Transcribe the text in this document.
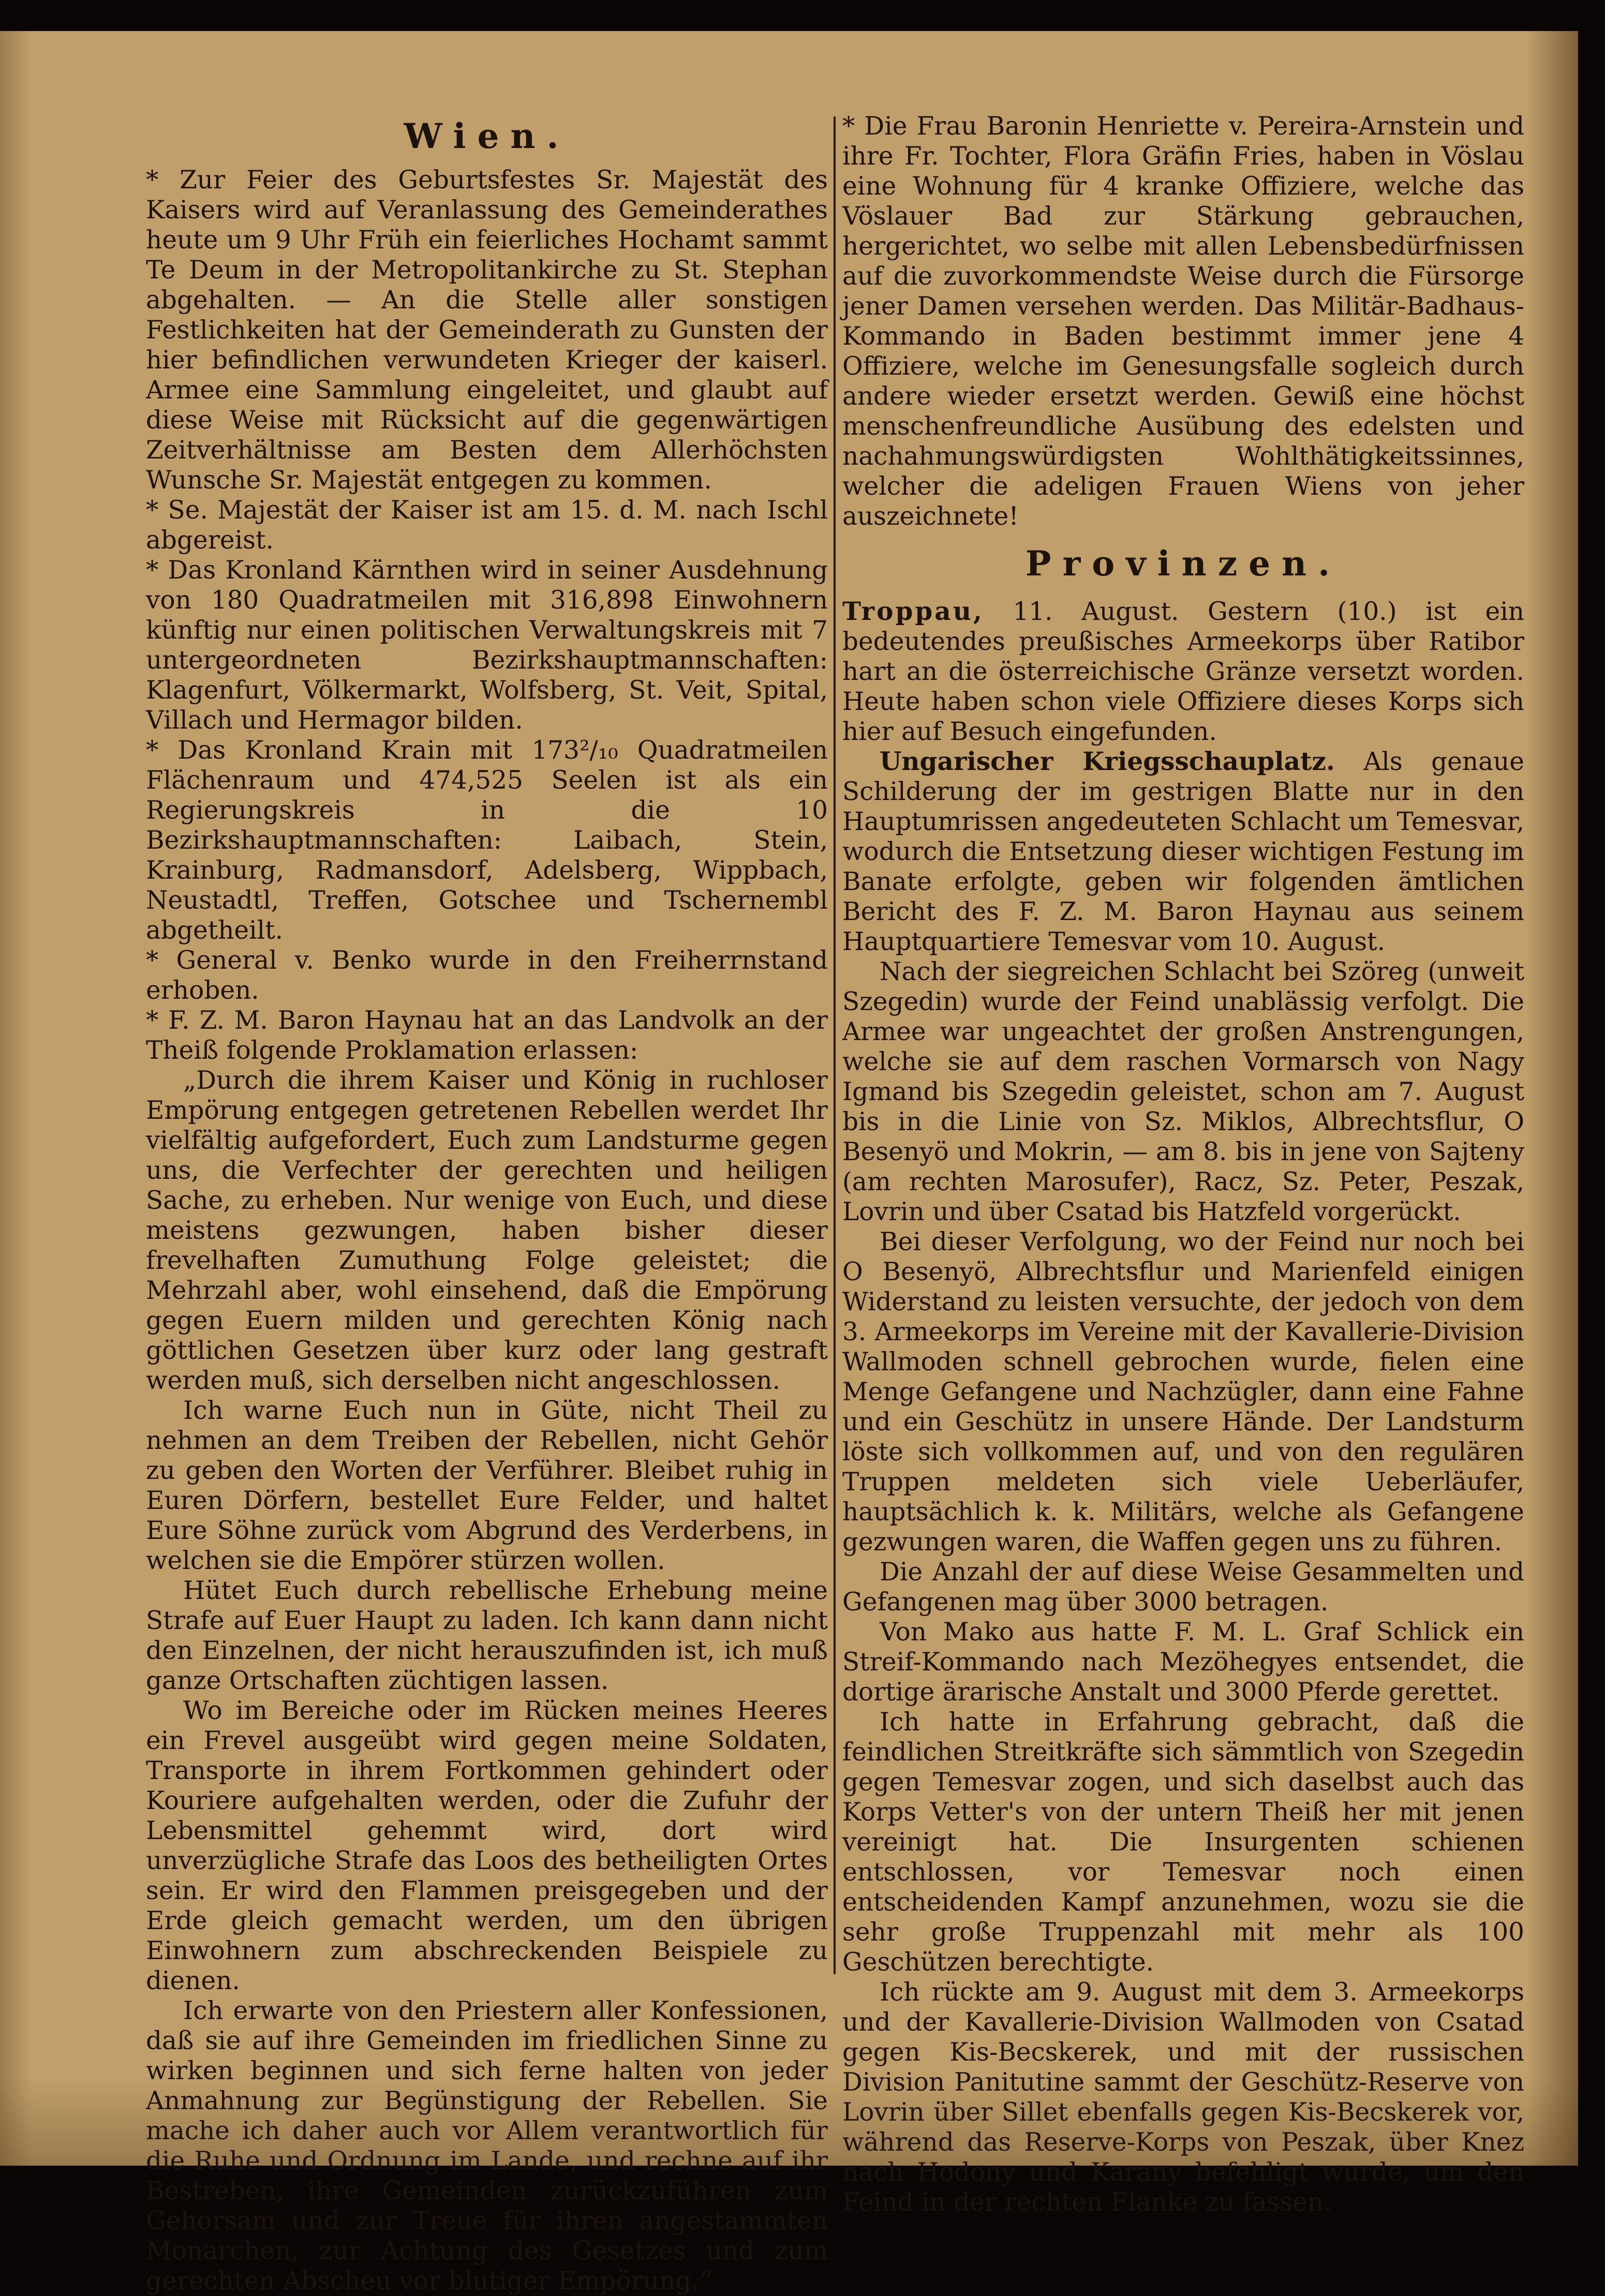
Wien.

* Zur Feier des Geburtsfestes Sr. Majestät des Kaisers wird auf Veranlassung des Gemeinderathes heute um 9 Uhr Früh ein feierliches Hochamt sammt Te Deum in der Metropolitankirche zu St. Stephan abgehalten. — An die Stelle aller sonstigen Festlichkeiten hat der Gemeinderath zu Gunsten der hier befindlichen verwundeten Krieger der kaiserl. Armee eine Sammlung eingeleitet, und glaubt auf diese Weise mit Rücksicht auf die gegenwärtigen Zeitverhältnisse am Besten dem Allerhöchsten Wunsche Sr. Majestät entgegen zu kommen.

* Se. Majestät der Kaiser ist am 15. d. M. nach Ischl abgereist.

* Das Kronland Kärnthen wird in seiner Ausdehnung von 180 Quadratmeilen mit 316,898 Einwohnern künftig nur einen politischen Verwaltungskreis mit 7 untergeordneten Bezirkshauptmannschaften: Klagenfurt, Völkermarkt, Wolfsberg, St. Veit, Spital, Villach und Hermagor bilden.

* Das Kronland Krain mit 173²/₁₀ Quadratmeilen Flächenraum und 474,525 Seelen ist als ein Regierungskreis in die 10 Bezirkshauptmannschaften: Laibach, Stein, Krainburg, Radmansdorf, Adelsberg, Wippbach, Neustadtl, Treffen, Gotschee und Tschernembl abgetheilt.

* General v. Benko wurde in den Freiherrnstand erhoben.

* F. Z. M. Baron Haynau hat an das Landvolk an der Theiß folgende Proklamation erlassen:

„Durch die ihrem Kaiser und König in ruchloser Empörung entgegen getretenen Rebellen werdet Ihr vielfältig aufgefordert, Euch zum Landsturme gegen uns, die Verfechter der gerechten und heiligen Sache, zu erheben. Nur wenige von Euch, und diese meistens gezwungen, haben bisher dieser frevelhaften Zumuthung Folge geleistet; die Mehrzahl aber, wohl einsehend, daß die Empörung gegen Euern milden und gerechten König nach göttlichen Gesetzen über kurz oder lang gestraft werden muß, sich derselben nicht angeschlossen.

Ich warne Euch nun in Güte, nicht Theil zu nehmen an dem Treiben der Rebellen, nicht Gehör zu geben den Worten der Verführer. Bleibet ruhig in Euren Dörfern, bestellet Eure Felder, und haltet Eure Söhne zurück vom Abgrund des Verderbens, in welchen sie die Empörer stürzen wollen.

Hütet Euch durch rebellische Erhebung meine Strafe auf Euer Haupt zu laden. Ich kann dann nicht den Einzelnen, der nicht herauszufinden ist, ich muß ganze Ortschaften züchtigen lassen.

Wo im Bereiche oder im Rücken meines Heeres ein Frevel ausgeübt wird gegen meine Soldaten, Transporte in ihrem Fortkommen gehindert oder Kouriere aufgehalten werden, oder die Zufuhr der Lebensmittel gehemmt wird, dort wird unverzügliche Strafe das Loos des betheiligten Ortes sein. Er wird den Flammen preisgegeben und der Erde gleich gemacht werden, um den übrigen Einwohnern zum abschreckenden Beispiele zu dienen.

Ich erwarte von den Priestern aller Konfessionen, daß sie auf ihre Gemeinden im friedlichen Sinne zu wirken beginnen und sich ferne halten von jeder Anmahnung zur Begünstigung der Rebellen. Sie mache ich daher auch vor Allem verantwortlich für die Ruhe und Ordnung im Lande, und rechne auf ihr Bestreben, ihre Gemeinden zurückzuführen zum Gehorsam und zur Treue für ihren angestammten Monarchen, zur Achtung des Gesetzes und zum gerechten Abscheu vor blutiger Empörung.“

* Die Frau Baronin Henriette v. Pereira-Arnstein und ihre Fr. Tochter, Flora Gräfin Fries, haben in Vöslau eine Wohnung für 4 kranke Offiziere, welche das Vöslauer Bad zur Stärkung gebrauchen, hergerichtet, wo selbe mit allen Lebensbedürfnissen auf die zuvorkommendste Weise durch die Fürsorge jener Damen versehen werden. Das Militär-Badhaus-Kommando in Baden bestimmt immer jene 4 Offiziere, welche im Genesungsfalle sogleich durch andere wieder ersetzt werden. Gewiß eine höchst menschenfreundliche Ausübung des edelsten und nachahmungswürdigsten Wohlthätigkeitssinnes, welcher die adeligen Frauen Wiens von jeher auszeichnete!

Provinzen.

Troppau, 11. August. Gestern (10.) ist ein bedeutendes preußisches Armeekorps über Ratibor hart an die österreichische Gränze versetzt worden. Heute haben schon viele Offiziere dieses Korps sich hier auf Besuch eingefunden.

Ungarischer Kriegsschauplatz. Als genaue Schilderung der im gestrigen Blatte nur in den Hauptumrissen angedeuteten Schlacht um Temesvar, wodurch die Entsetzung dieser wichtigen Festung im Banate erfolgte, geben wir folgenden ämtlichen Bericht des F. Z. M. Baron Haynau aus seinem Hauptquartiere Temesvar vom 10. August.

Nach der siegreichen Schlacht bei Szöreg (unweit Szegedin) wurde der Feind unablässig verfolgt. Die Armee war ungeachtet der großen Anstrengungen, welche sie auf dem raschen Vormarsch von Nagy Igmand bis Szegedin geleistet, schon am 7. August bis in die Linie von Sz. Miklos, Albrechtsflur, O Besenyö und Mokrin, — am 8. bis in jene von Sajteny (am rechten Marosufer), Racz, Sz. Peter, Peszak, Lovrin und über Csatad bis Hatzfeld vorgerückt.

Bei dieser Verfolgung, wo der Feind nur noch bei O Besenyö, Albrechtsflur und Marienfeld einigen Widerstand zu leisten versuchte, der jedoch von dem 3. Armeekorps im Vereine mit der Kavallerie-Division Wallmoden schnell gebrochen wurde, fielen eine Menge Gefangene und Nachzügler, dann eine Fahne und ein Geschütz in unsere Hände. Der Landsturm löste sich vollkommen auf, und von den regulären Truppen meldeten sich viele Ueberläufer, hauptsächlich k. k. Militärs, welche als Gefangene gezwungen waren, die Waffen gegen uns zu führen.

Die Anzahl der auf diese Weise Gesammelten und Gefangenen mag über 3000 betragen.

Von Mako aus hatte F. M. L. Graf Schlick ein Streif-Kommando nach Mezöhegyes entsendet, die dortige ärarische Anstalt und 3000 Pferde gerettet.

Ich hatte in Erfahrung gebracht, daß die feindlichen Streitkräfte sich sämmtlich von Szegedin gegen Temesvar zogen, und sich daselbst auch das Korps Vetter's von der untern Theiß her mit jenen vereinigt hat. Die Insurgenten schienen entschlossen, vor Temesvar noch einen entscheidenden Kampf anzunehmen, wozu sie die sehr große Truppenzahl mit mehr als 100 Geschützen berechtigte.

Ich rückte am 9. August mit dem 3. Armeekorps und der Kavallerie-Division Wallmoden von Csatad gegen Kis-Becskerek, und mit der russischen Division Panitutine sammt der Geschütz-Reserve von Lovrin über Sillet ebenfalls gegen Kis-Becskerek vor, während das Reserve-Korps von Peszak, über Knez nach Hodony und Karany befehligt wurde, um den Feind in der rechten Flanke zu fassen.
